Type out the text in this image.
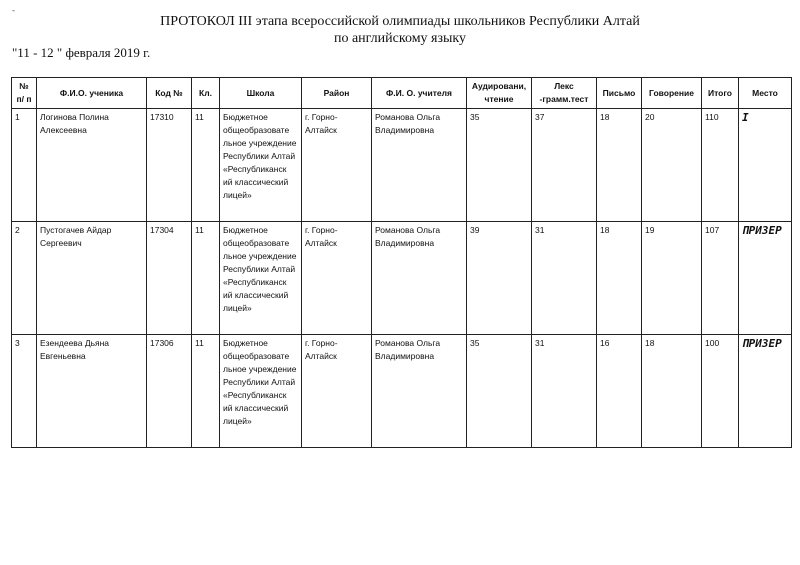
-
ПРОТОКОЛ III этапа всероссийской олимпиады школьников Республики Алтай
по английскому языку
"11 - 12 " февраля 2019 г.
№ п/ п	Ф.И.О. ученика	Код №	Кл.	Школа	Район	Ф.И. О. учителя	Аудировани, чтение	Лекс -грамм.тест	Письмо	Говорение	Итого	Место
1	Логинова Полина Алексеевна	17310	11	Бюджетное общеобразовате льное учреждение Республики Алтай «Республиканск ий классический лицей»	г. Горно-Алтайск	Романова Ольга Владимировна	35	37	18	20	110	I
2	Пустогачев Айдар Сергеевич	17304	11	Бюджетное общеобразовате льное учреждение Республики Алтай «Республиканск ий классический лицей»	г. Горно-Алтайск	Романова Ольга Владимировна	39	31	18	19	107	ПРИЗЕР
3	Езендеева Дьяна Евгеньевна	17306	11	Бюджетное общеобразовате льное учреждение Республики Алтай «Республиканск ий классический лицей»	г. Горно-Алтайск	Романова Ольга Владимировна	35	31	16	18	100	ПРИЗЕР
